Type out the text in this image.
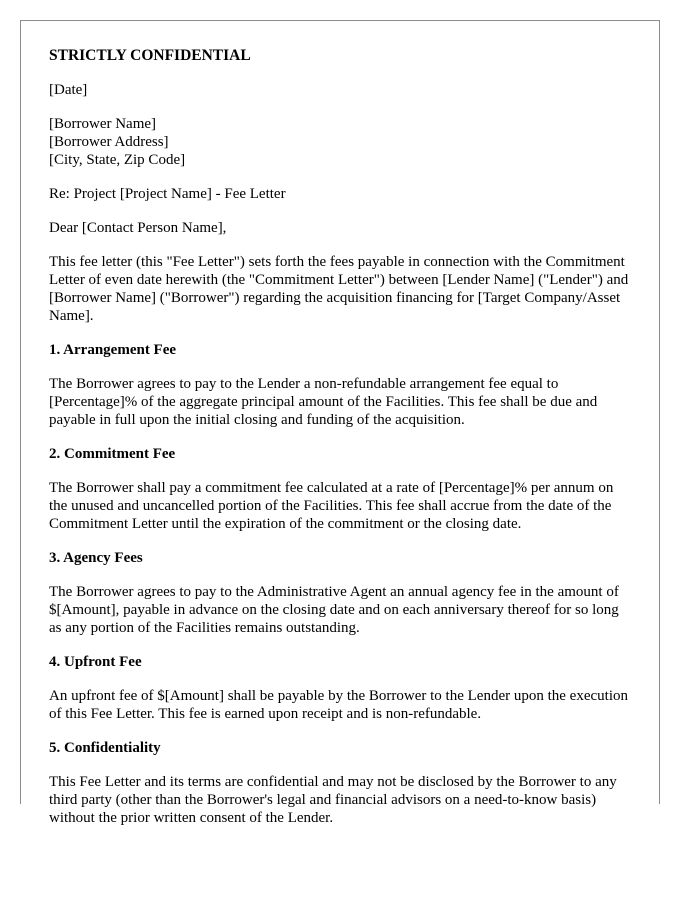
STRICTLY CONFIDENTIAL

[Date]

[Borrower Name]
[Borrower Address]
[City, State, Zip Code]

Re: Project [Project Name] - Fee Letter

Dear [Contact Person Name],

This fee letter (this "Fee Letter") sets forth the fees payable in connection with the Commitment Letter of even date herewith (the "Commitment Letter") between [Lender Name] ("Lender") and [Borrower Name] ("Borrower") regarding the acquisition financing for [Target Company/Asset Name].

1. Arrangement Fee

The Borrower agrees to pay to the Lender a non-refundable arrangement fee equal to [Percentage]% of the aggregate principal amount of the Facilities. This fee shall be due and payable in full upon the initial closing and funding of the acquisition.

2. Commitment Fee

The Borrower shall pay a commitment fee calculated at a rate of [Percentage]% per annum on the unused and uncancelled portion of the Facilities. This fee shall accrue from the date of the Commitment Letter until the expiration of the commitment or the closing date.

3. Agency Fees

The Borrower agrees to pay to the Administrative Agent an annual agency fee in the amount of $[Amount], payable in advance on the closing date and on each anniversary thereof for so long as any portion of the Facilities remains outstanding.

4. Upfront Fee

An upfront fee of $[Amount] shall be payable by the Borrower to the Lender upon the execution of this Fee Letter. This fee is earned upon receipt and is non-refundable.

5. Confidentiality

This Fee Letter and its terms are confidential and may not be disclosed by the Borrower to any third party (other than the Borrower's legal and financial advisors on a need-to-know basis) without the prior written consent of the Lender.
